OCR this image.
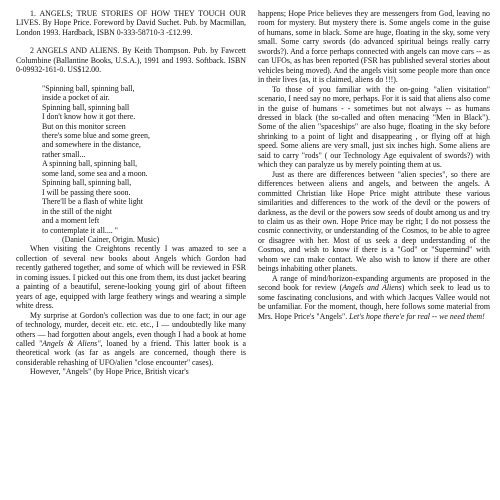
1. ANGELS; TRUE STORIES OF HOW THEY TOUCH OUR LIVES. By Hope Price. Foreword by David Suchet. Pub. by Macmillan, London 1993. Hardback, ISBN 0-333-58710-3 -£12.99.

2 ANGELS AND ALIENS. By Keith Thompson. Pub. by Fawcett Columbine (Ballantine Books, U.S.A.), 1991 and 1993. Softback. ISBN 0-09932-161-0. US$12.00.

"Spinning ball, spinning ball,
inside a pocket of air.
Spinning ball, spinning ball
I don't know how it got there.
But on this monitor screen
there's some blue and some green,
and somewhere in the distance,
rather small...
A spinning ball, spinning ball,
some land, some sea and a moon.
Spinning ball, spinning ball,
I will be passing there soon.
There'll be a flash of white light
in the still of the night
and a moment left
to contemplate it all.... "
(Daniel Cainer, Origin. Music)

When visiting the Creightons recently I was amazed to see a collection of several new books about Angels which Gordon had recently gathered together, and some of which will be reviewed in FSR in coming issues. I picked out this one from them, its dust jacket bearing a painting of a beautiful, serene-looking young girl of about fifteen years of age, equipped with large feathery wings and wearing a simple white dress.

My surprise at Gordon's collection was due to one fact; in our age of technology, murder, deceit etc. etc. etc., I — undoubtedly like many others — had forgotten about angels, even though I had a book at home called "Angels & Aliens", loaned by a friend. This latter book is a theoretical work (as far as angels are concerned, though there is considerable rehashing of UFO/alien "close encounter" cases).

However, "Angels" (by Hope Price, British vicar's

happens; Hope Price believes they are messengers from God, leaving no room for mystery. But mystery there is. Some angels come in the guise of humans, some in black. Some are huge, floating in the sky, some very small. Some carry swords (do advanced spiritual beings really carry swords?). And a force perhaps connected with angels can move cars -- as can UFOs, as has been reported (FSR has published several stories about vehicles being moved). And the angels visit some people more than once in their lives (as, it is claimed, aliens do !!!).

To those of you familiar with the on-going "alien visitation" scenario, I need say no more, perhaps. For it is said that aliens also come in the guise of humans - - sometimes but not always -- as humans dressed in black (the so-called and often menacing "Men in Black"). Some of the alien "spaceships" are also huge, floating in the sky before shrinking to a point of light and disappearing , or flying off at high speed. Some aliens are very small, just six inches high. Some aliens are said to carry "rods" ( our Technology Age equivalent of swords?) with which they can paralyze us by merely pointing them at us.

Just as there are differences between "alien species", so there are differences between aliens and angels, and between the angels. A committed Christian like Hope Price might attribute these various similarities and differences to the work of the devil or the powers of darkness, as the devil or the powers sow seeds of doubt among us and try to claim us as their own. Hope Price may be right; I do not possess the cosmic connectivity, or understanding of the Cosmos, to be able to agree or disagree with her. Most of us seek a deep understanding of the Cosmos, and wish to know if there is a "God" or "Supermind" with whom we can make contact. We also wish to know if there are other beings inhabiting other planets.

A range of mind/horizon-expanding arguments are proposed in the second book for review (Angels and Aliens) which seek to lead us to some fascinating conclusions, and with which Jacques Vallee would not be unfamiliar. For the moment, though, here follows some material from Mrs. Hope Price's "Angels". Let's hope there'e for real -- we need them!
